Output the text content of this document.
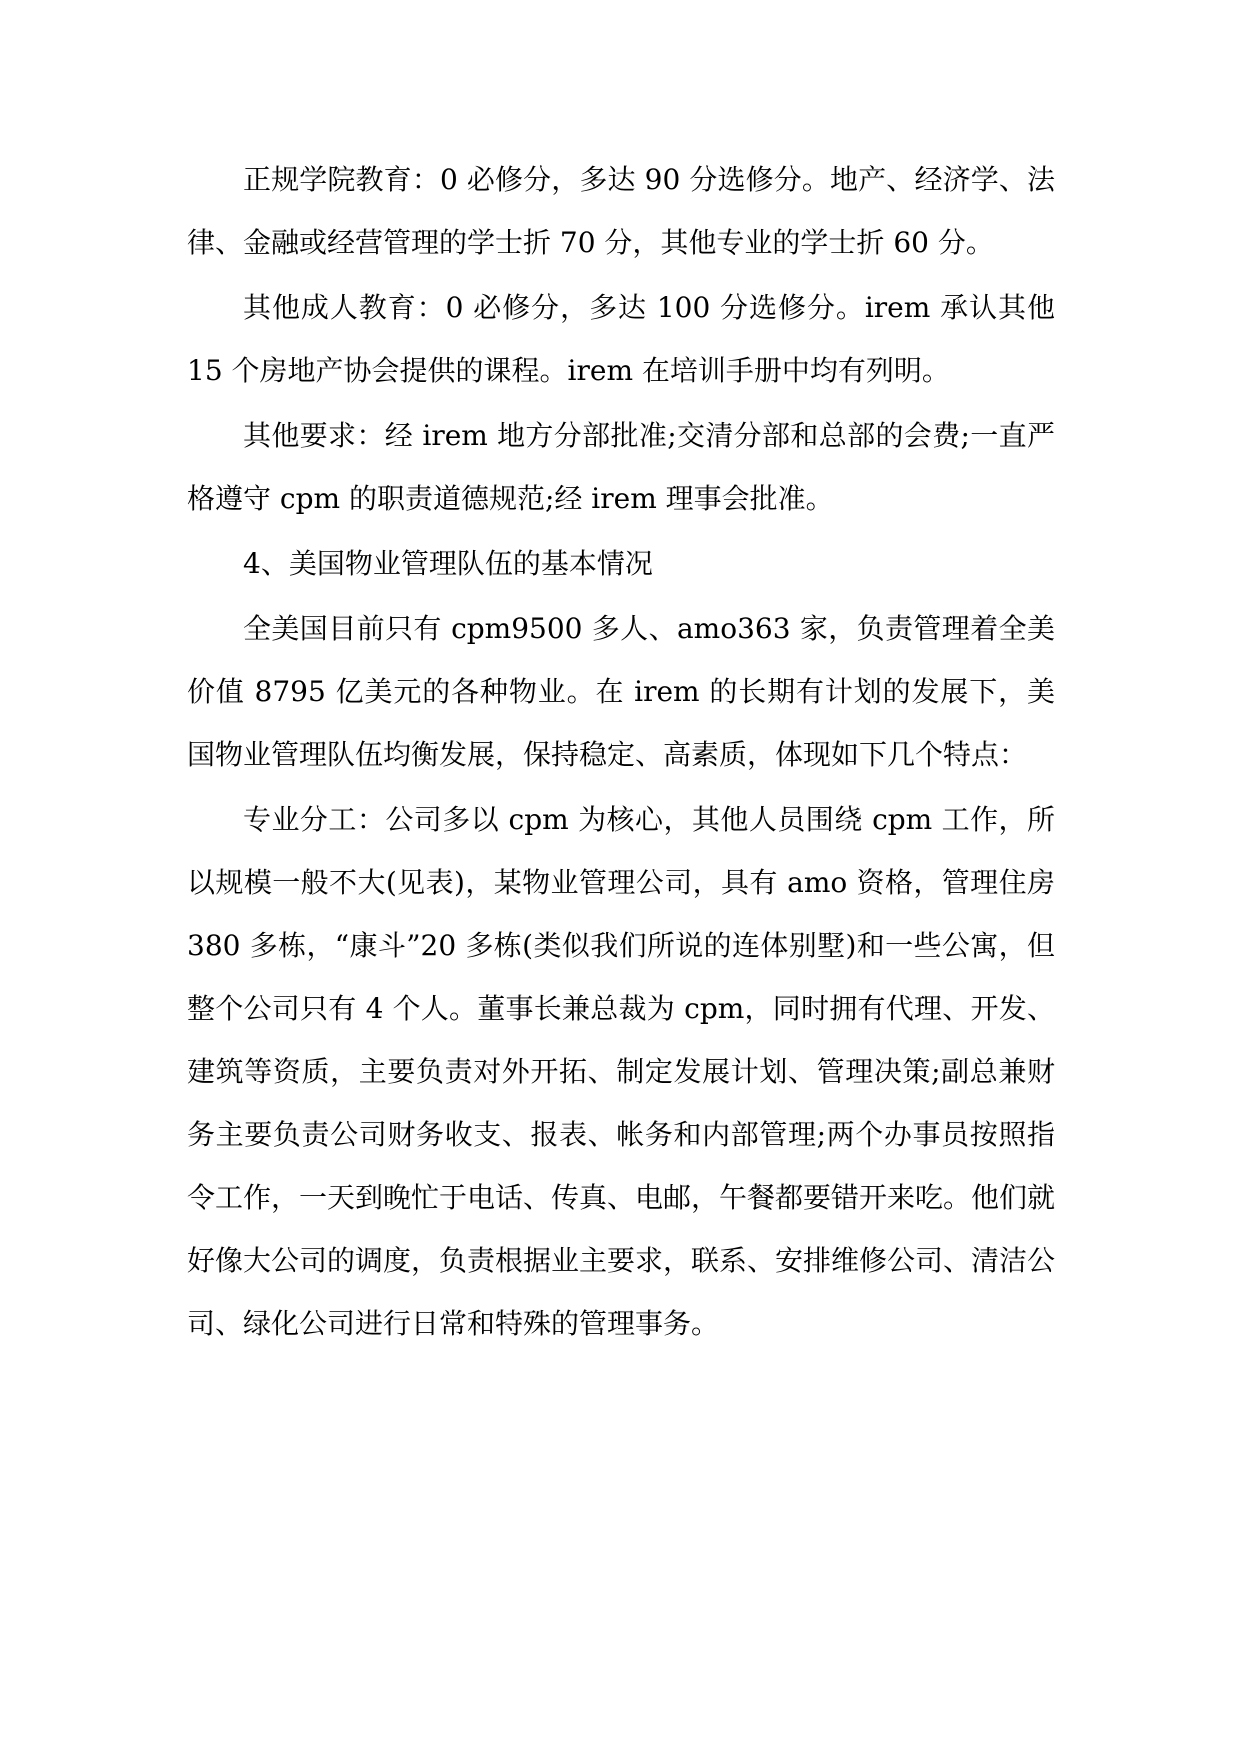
正规学院教育：0 必修分，多达 90 分选修分。地产、经济学、法律、金融或经营管理的学士折 70 分，其他专业的学士折 60 分。

其他成人教育：0 必修分，多达 100 分选修分。irem 承认其他 15 个房地产协会提供的课程。irem 在培训手册中均有列明。

其他要求：经 irem 地方分部批准;交清分部和总部的会费;一直严格遵守 cpm 的职责道德规范;经 irem 理事会批准。

4、美国物业管理队伍的基本情况

全美国目前只有 cpm9500 多人、amo363 家，负责管理着全美价值 8795 亿美元的各种物业。在 irem 的长期有计划的发展下，美国物业管理队伍均衡发展，保持稳定、高素质，体现如下几个特点：

专业分工：公司多以 cpm 为核心，其他人员围绕 cpm 工作，所以规模一般不大(见表)，某物业管理公司，具有 amo 资格，管理住房 380 多栋，“康斗”20 多栋(类似我们所说的连体别墅)和一些公寓，但整个公司只有 4 个人。董事长兼总裁为 cpm，同时拥有代理、开发、建筑等资质，主要负责对外开拓、制定发展计划、管理决策;副总兼财务主要负责公司财务收支、报表、帐务和内部管理;两个办事员按照指令工作，一天到晚忙于电话、传真、电邮，午餐都要错开来吃。他们就好像大公司的调度，负责根据业主要求，联系、安排维修公司、清洁公司、绿化公司进行日常和特殊的管理事务。
